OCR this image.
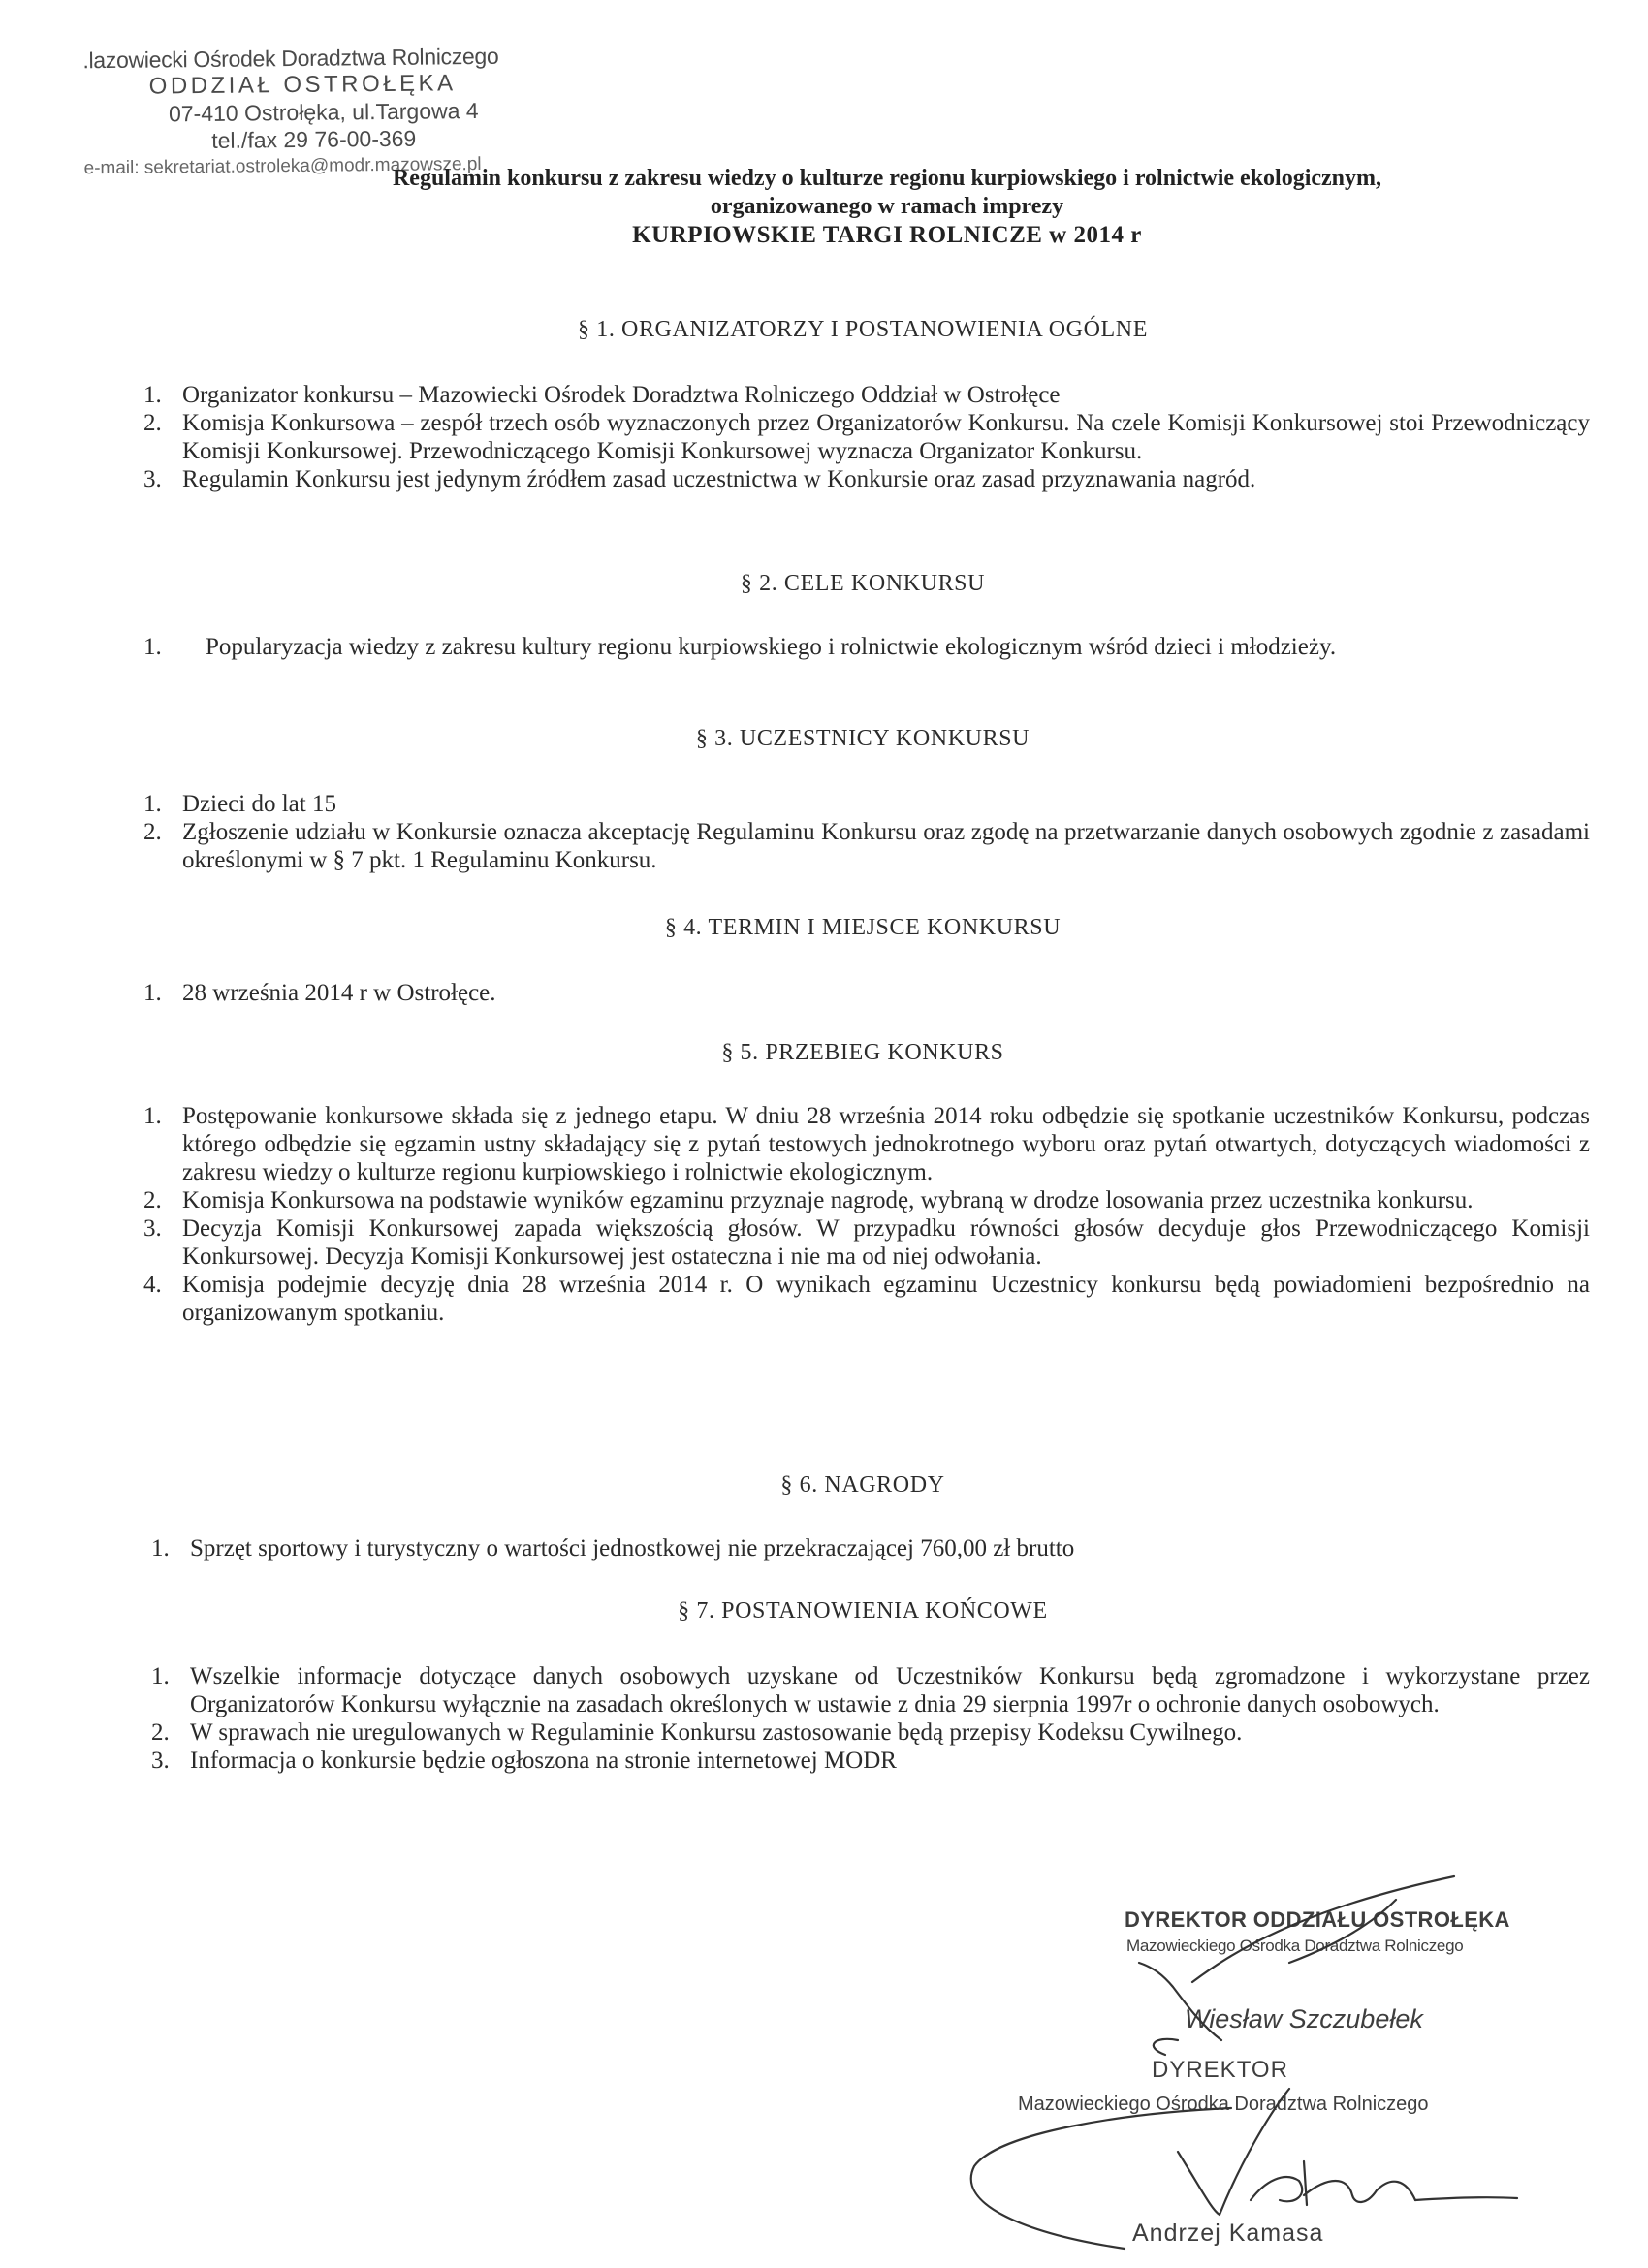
.lazowiecki Ośrodek Doradztwa Rolniczego
ODDZIAŁ OSTROŁĘKA
07-410 Ostrołęka, ul.Targowa 4
tel./fax 29 76-00-369
e-mail: sekretariat.ostroleka@modr.mazowsze.pl
Regulamin konkursu z zakresu wiedzy o kulturze regionu kurpiowskiego i rolnictwie ekologicznym,
organizowanego w ramach imprezy
KURPIOWSKIE TARGI ROLNICZE w 2014 r
§ 1. ORGANIZATORZY I POSTANOWIENIA OGÓLNE
1. Organizator konkursu – Mazowiecki Ośrodek Doradztwa Rolniczego Oddział w Ostrołęce
2. Komisja Konkursowa – zespół trzech osób wyznaczonych przez Organizatorów Konkursu. Na czele Komisji Konkursowej stoi Przewodniczący Komisji Konkursowej. Przewodniczącego Komisji Konkursowej wyznacza Organizator Konkursu.
3. Regulamin Konkursu jest jedynym źródłem zasad uczestnictwa w Konkursie oraz zasad przyznawania nagród.
§ 2. CELE KONKURSU
1. Popularyzacja wiedzy z zakresu kultury regionu kurpiowskiego i rolnictwie ekologicznym wśród dzieci i młodzieży.
§ 3. UCZESTNICY KONKURSU
1. Dzieci do lat 15
2. Zgłoszenie udziału w Konkursie oznacza akceptację Regulaminu Konkursu oraz zgodę na przetwarzanie danych osobowych zgodnie z zasadami określonymi w § 7 pkt. 1 Regulaminu Konkursu.
§ 4. TERMIN I MIEJSCE KONKURSU
1. 28 września 2014 r w Ostrołęce.
§ 5. PRZEBIEG KONKURS
1. Postępowanie konkursowe składa się z jednego etapu. W dniu 28 września 2014 roku odbędzie się spotkanie uczestników Konkursu, podczas którego odbędzie się egzamin ustny składający się z pytań testowych jednokrotnego wyboru oraz pytań otwartych, dotyczących wiadomości z zakresu wiedzy o kulturze regionu kurpiowskiego i rolnictwie ekologicznym.
2. Komisja Konkursowa na podstawie wyników egzaminu przyznaje nagrodę, wybraną w drodze losowania przez uczestnika konkursu.
3. Decyzja Komisji Konkursowej zapada większością głosów. W przypadku równości głosów decyduje głos Przewodniczącego Komisji Konkursowej. Decyzja Komisji Konkursowej jest ostateczna i nie ma od niej odwołania.
4. Komisja podejmie decyzję dnia 28 września 2014 r. O wynikach egzaminu Uczestnicy konkursu będą powiadomieni bezpośrednio na organizowanym spotkaniu.
§ 6. NAGRODY
1. Sprzęt sportowy i turystyczny o wartości jednostkowej nie przekraczającej 760,00 zł brutto
§ 7. POSTANOWIENIA KOŃCOWE
1. Wszelkie informacje dotyczące danych osobowych uzyskane od Uczestników Konkursu będą zgromadzone i wykorzystane przez Organizatorów Konkursu wyłącznie na zasadach określonych w ustawie z dnia 29 sierpnia 1997r o ochronie danych osobowych.
2. W sprawach nie uregulowanych w Regulaminie Konkursu zastosowanie będą przepisy Kodeksu Cywilnego.
3. Informacja o konkursie będzie ogłoszona na stronie internetowej MODR
DYREKTOR ODDZIAŁU OSTROŁĘKA
Mazowieckiego Ośrodka Doradztwa Rolniczego
Wiesław Szczubełek
DYREKTOR
Mazowieckiego Ośrodka Doradztwa Rolniczego
Andrzej Kamasa
